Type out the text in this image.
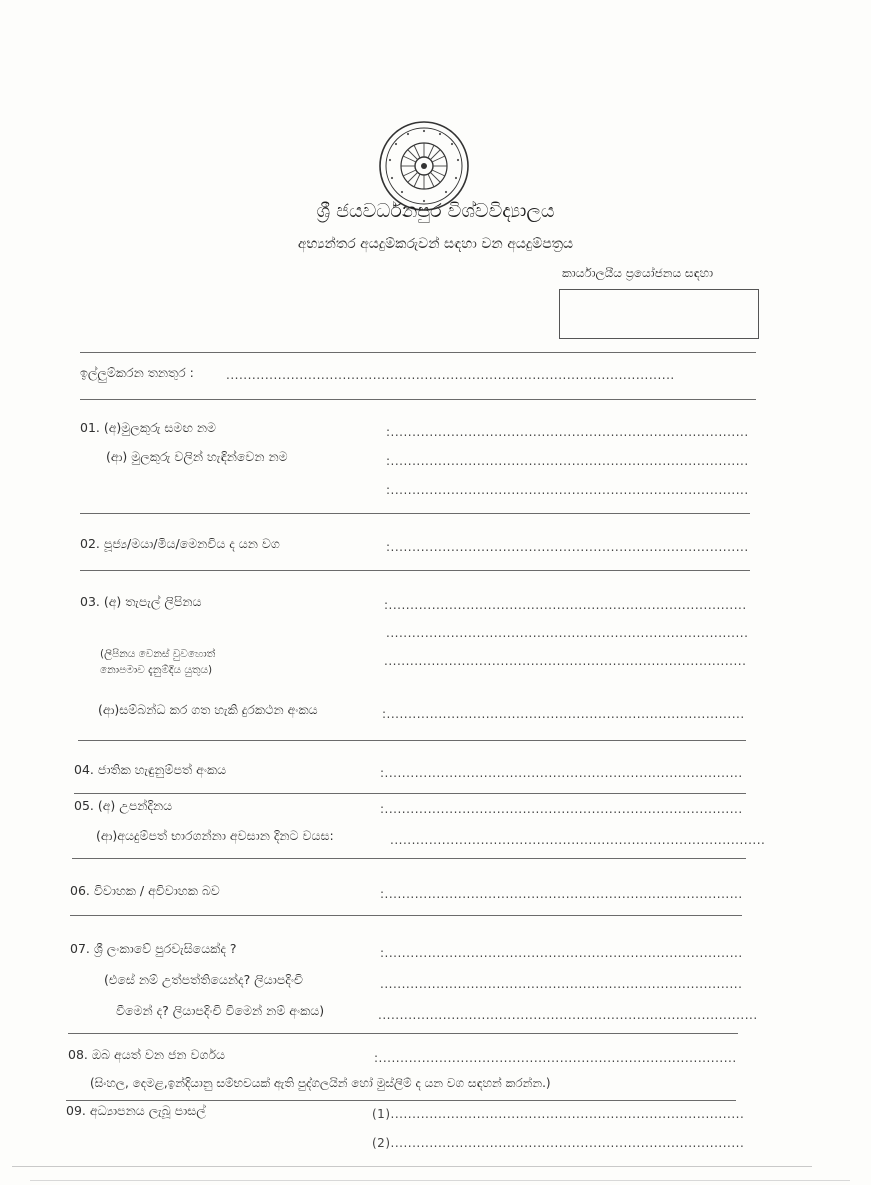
ශ්‍රී ජයවර්ධනපුර විශ්වවිද්‍යාලය
අභ්‍යන්තර අයදුම්කරුවන් සඳහා වන අයදුම්පත්‍රය
කාර්යාලයීය ප්‍රයෝජනය සඳහා
ඉල්ලුම්කරන තනතුර :	........................................................................................................
01. (අ)මුලකුරු සමඟ නම	:...................................................................................
(ආ) මුලකුරු වලින් හැඳින්වෙන නම	:...................................................................................
:...................................................................................
02. පූජ්‍ය/මයා/මිය/මෙනවිය ද යන වග	:...................................................................................
03. (අ) තැපැල් ලිපිනය	:...................................................................................
....................................................................................
(ලිපිනය වෙනස් වුවහොත්
නොපමාව දැනුම්දිය යුතුය)
....................................................................................
(ආ)සම්බන්ධ කර ගත හැකි දුරකථන අංකය	:...................................................................................
04. ජාතික හැඳුනුම්පත් අංකය	:...................................................................................
05. (අ) උපන්දිනය	:...................................................................................
(ආ)අයදුම්පත් භාරගන්නා අවසාන දිනට වයස:	.......................................................................................
06. විවාහක / අවිවාහක බව	:...................................................................................
07. ශ්‍රී ලංකාවේ පුරවැසියෙක්ද ?	:...................................................................................
(එසේ නම් උත්පත්තියෙන්ද? ලියාපදිංචි	....................................................................................
වීමෙන් ද? ලියාපදිංචි වීමෙන් නම් අංකය)	........................................................................................
08. ඔබ අයත් වන ජන වර්ගය	:...................................................................................
(සිංහල, දෙමළ,ඉන්දියානු සම්භවයක් ඇති පුද්ගලයින් හෝ මුස්ලිම් ද යන වග සඳහන් කරන්න.)
09. අධ්‍යාපනය ලැබූ පාසල්	(1)..................................................................................
(2)..................................................................................
